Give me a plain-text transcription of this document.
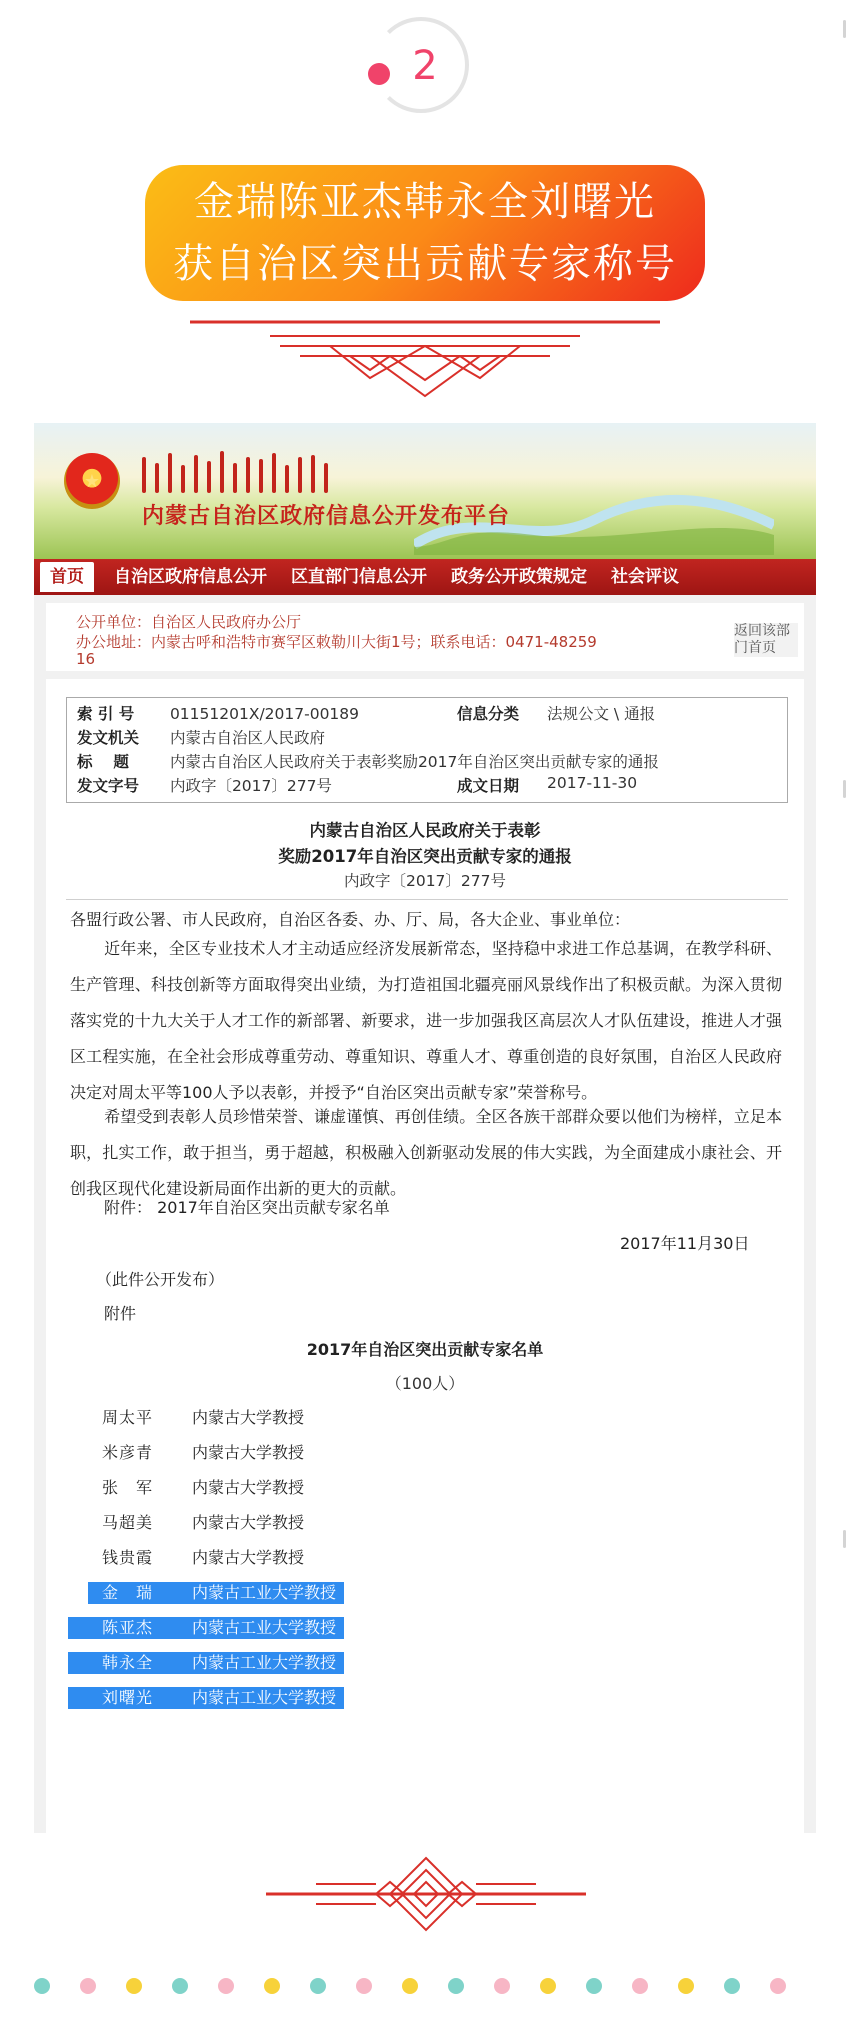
2
金瑞陈亚杰韩永全刘曙光
获自治区突出贡献专家称号
★
内蒙古自治区政府信息公开发布平台
首页	自治区政府信息公开	区直部门信息公开	政务公开政策规定	社会评议
公开单位：自治区人民政府办公厅
办公地址：内蒙古呼和浩特市赛罕区敕勒川大街1号；联系电话：0471-48259
16
返回该部门首页
索 引 号 01151201X/2017-00189	信息分类 法规公文 \ 通报
发文机关 内蒙古自治区人民政府
标　 题	内蒙古自治区人民政府关于表彰奖励2017年自治区突出贡献专家的通报
发文字号 内政字〔2017〕277号	成文日期 2017-11-30
内蒙古自治区人民政府关于表彰
奖励2017年自治区突出贡献专家的通报
内政字〔2017〕277号
各盟行政公署、市人民政府，自治区各委、办、厅、局，各大企业、事业单位：
近年来，全区专业技术人才主动适应经济发展新常态，坚持稳中求进工作总基调，在教学科研、生产管理、科技创新等方面取得突出业绩，为打造祖国北疆亮丽风景线作出了积极贡献。为深入贯彻落实党的十九大关于人才工作的新部署、新要求，进一步加强我区高层次人才队伍建设，推进人才强区工程实施，在全社会形成尊重劳动、尊重知识、尊重人才、尊重创造的良好氛围，自治区人民政府决定对周太平等100人予以表彰，并授予“自治区突出贡献专家”荣誉称号。
希望受到表彰人员珍惜荣誉、谦虚谨慎、再创佳绩。全区各族干部群众要以他们为榜样，立足本职，扎实工作，敢于担当，勇于超越，积极融入创新驱动发展的伟大实践，为全面建成小康社会、开创我区现代化建设新局面作出新的更大的贡献。
附件： 2017年自治区突出贡献专家名单
2017年11月30日
（此件公开发布）
附件
2017年自治区突出贡献专家名单
（100人）
周太平	内蒙古大学教授
米彦青	内蒙古大学教授
张　军	内蒙古大学教授
马超美	内蒙古大学教授
钱贵霞	内蒙古大学教授
金　瑞	内蒙古工业大学教授
陈亚杰	内蒙古工业大学教授
韩永全	内蒙古工业大学教授
刘曙光	内蒙古工业大学教授
